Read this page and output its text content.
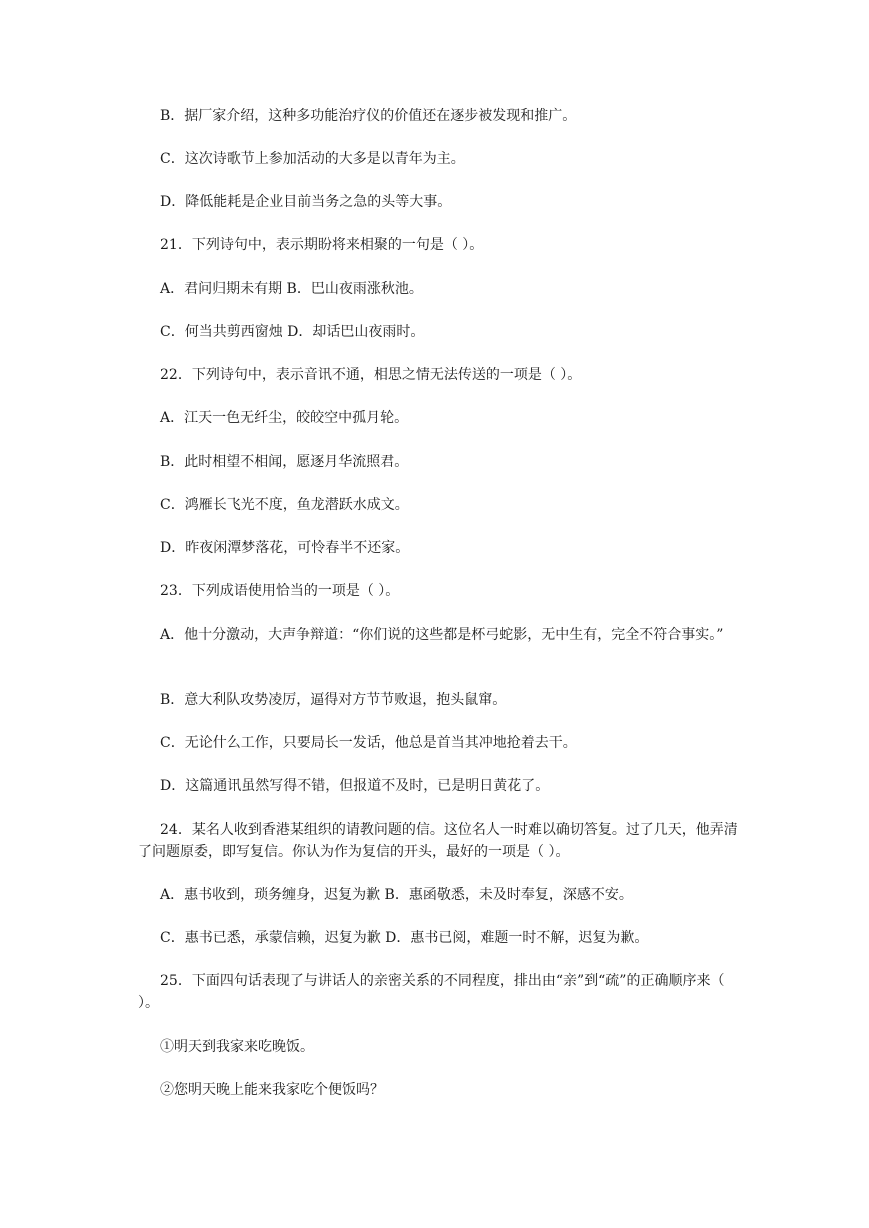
B．据厂家介绍，这种多功能治疗仪的价值还在逐步被发现和推广。

C．这次诗歌节上参加活动的大多是以青年为主。

D．降低能耗是企业目前当务之急的头等大事。

21．下列诗句中，表示期盼将来相聚的一句是（ ）。

A．君问归期未有期 B．巴山夜雨涨秋池。

C．何当共剪西窗烛 D．却话巴山夜雨时。

22．下列诗句中，表示音讯不通，相思之情无法传送的一项是（ ）。

A．江天一色无纤尘，皎皎空中孤月轮。

B．此时相望不相闻，愿逐月华流照君。

C．鸿雁长飞光不度，鱼龙潜跃水成文。

D．昨夜闲潭梦落花，可怜春半不还家。

23．下列成语使用恰当的一项是（ ）。

A．他十分激动，大声争辩道：“你们说的这些都是杯弓蛇影，无中生有，完全不符合事实。”

B．意大利队攻势凌厉，逼得对方节节败退，抱头鼠窜。

C．无论什么工作，只要局长一发话，他总是首当其冲地抢着去干。

D．这篇通讯虽然写得不错，但报道不及时，已是明日黄花了。

24．某名人收到香港某组织的请教问题的信。这位名人一时难以确切答复。过了几天，他弄清了问题原委，即写复信。你认为作为复信的开头，最好的一项是（ ）。

A．惠书收到，琐务缠身，迟复为歉 B．惠函敬悉，未及时奉复，深感不安。

C．惠书已悉，承蒙信赖，迟复为歉 D．惠书已阅，难题一时不解，迟复为歉。

25．下面四句话表现了与讲话人的亲密关系的不同程度，排出由“亲”到“疏”的正确顺序来（ ）。

①明天到我家来吃晚饭。

②您明天晚上能来我家吃个便饭吗？
